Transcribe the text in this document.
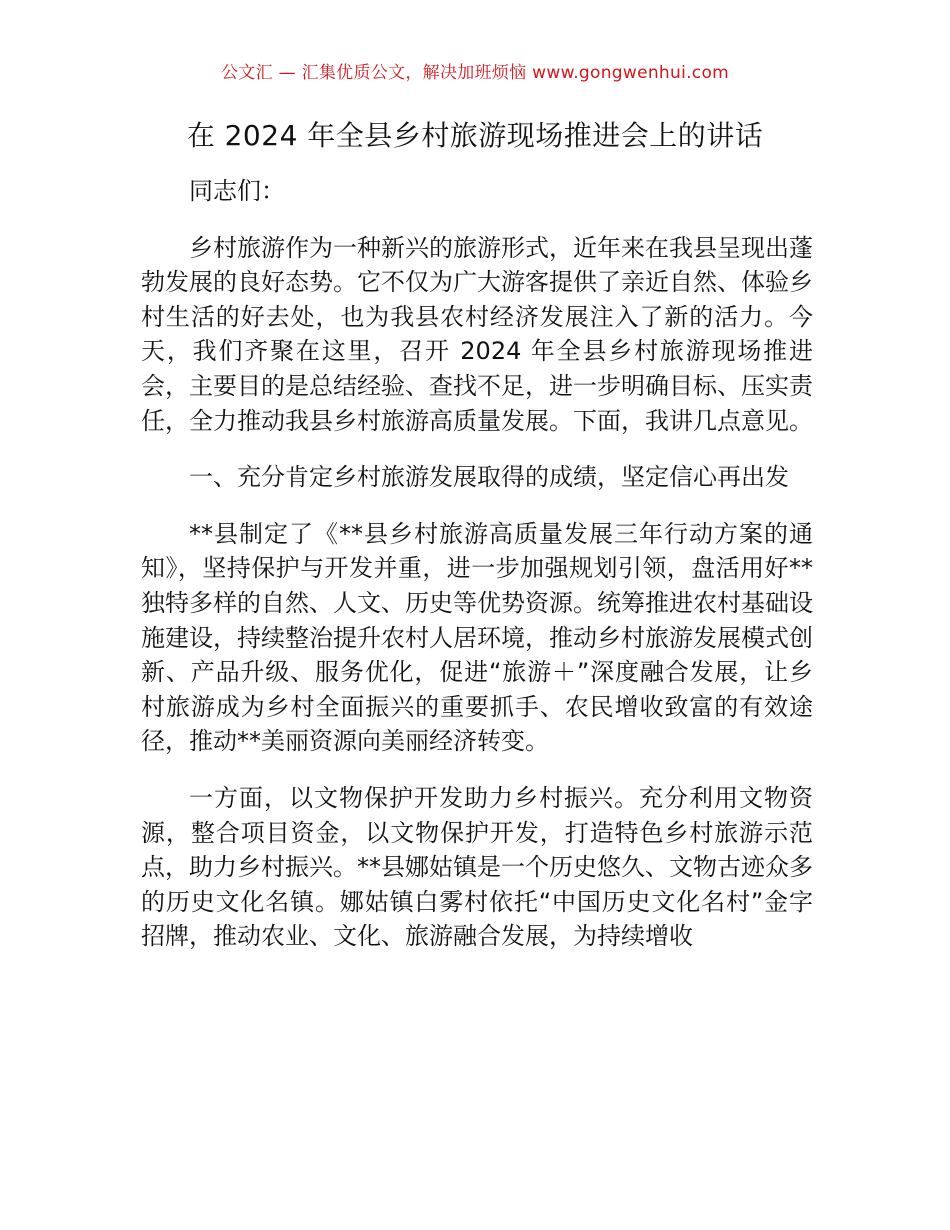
公文汇 — 汇集优质公文，解决加班烦恼 www.gongwenhui.com
在 2024 年全县乡村旅游现场推进会上的讲话

同志们：

乡村旅游作为一种新兴的旅游形式，近年来在我县呈现出蓬勃发展的良好态势。它不仅为广大游客提供了亲近自然、体验乡村生活的好去处，也为我县农村经济发展注入了新的活力。今天，我们齐聚在这里，召开 2024 年全县乡村旅游现场推进会，主要目的是总结经验、查找不足，进一步明确目标、压实责任，全力推动我县乡村旅游高质量发展。下面，我讲几点意见。

一、充分肯定乡村旅游发展取得的成绩，坚定信心再出发

**县制定了《**县乡村旅游高质量发展三年行动方案的通知》，坚持保护与开发并重，进一步加强规划引领，盘活用好**独特多样的自然、人文、历史等优势资源。统筹推进农村基础设施建设，持续整治提升农村人居环境，推动乡村旅游发展模式创新、产品升级、服务优化，促进“旅游＋”深度融合发展，让乡村旅游成为乡村全面振兴的重要抓手、农民增收致富的有效途径，推动**美丽资源向美丽经济转变。

一方面，以文物保护开发助力乡村振兴。充分利用文物资源，整合项目资金，以文物保护开发，打造特色乡村旅游示范点，助力乡村振兴。**县娜姑镇是一个历史悠久、文物古迹众多的历史文化名镇。娜姑镇白雾村依托“中国历史文化名村”金字招牌，推动农业、文化、旅游融合发展，为持续增收
